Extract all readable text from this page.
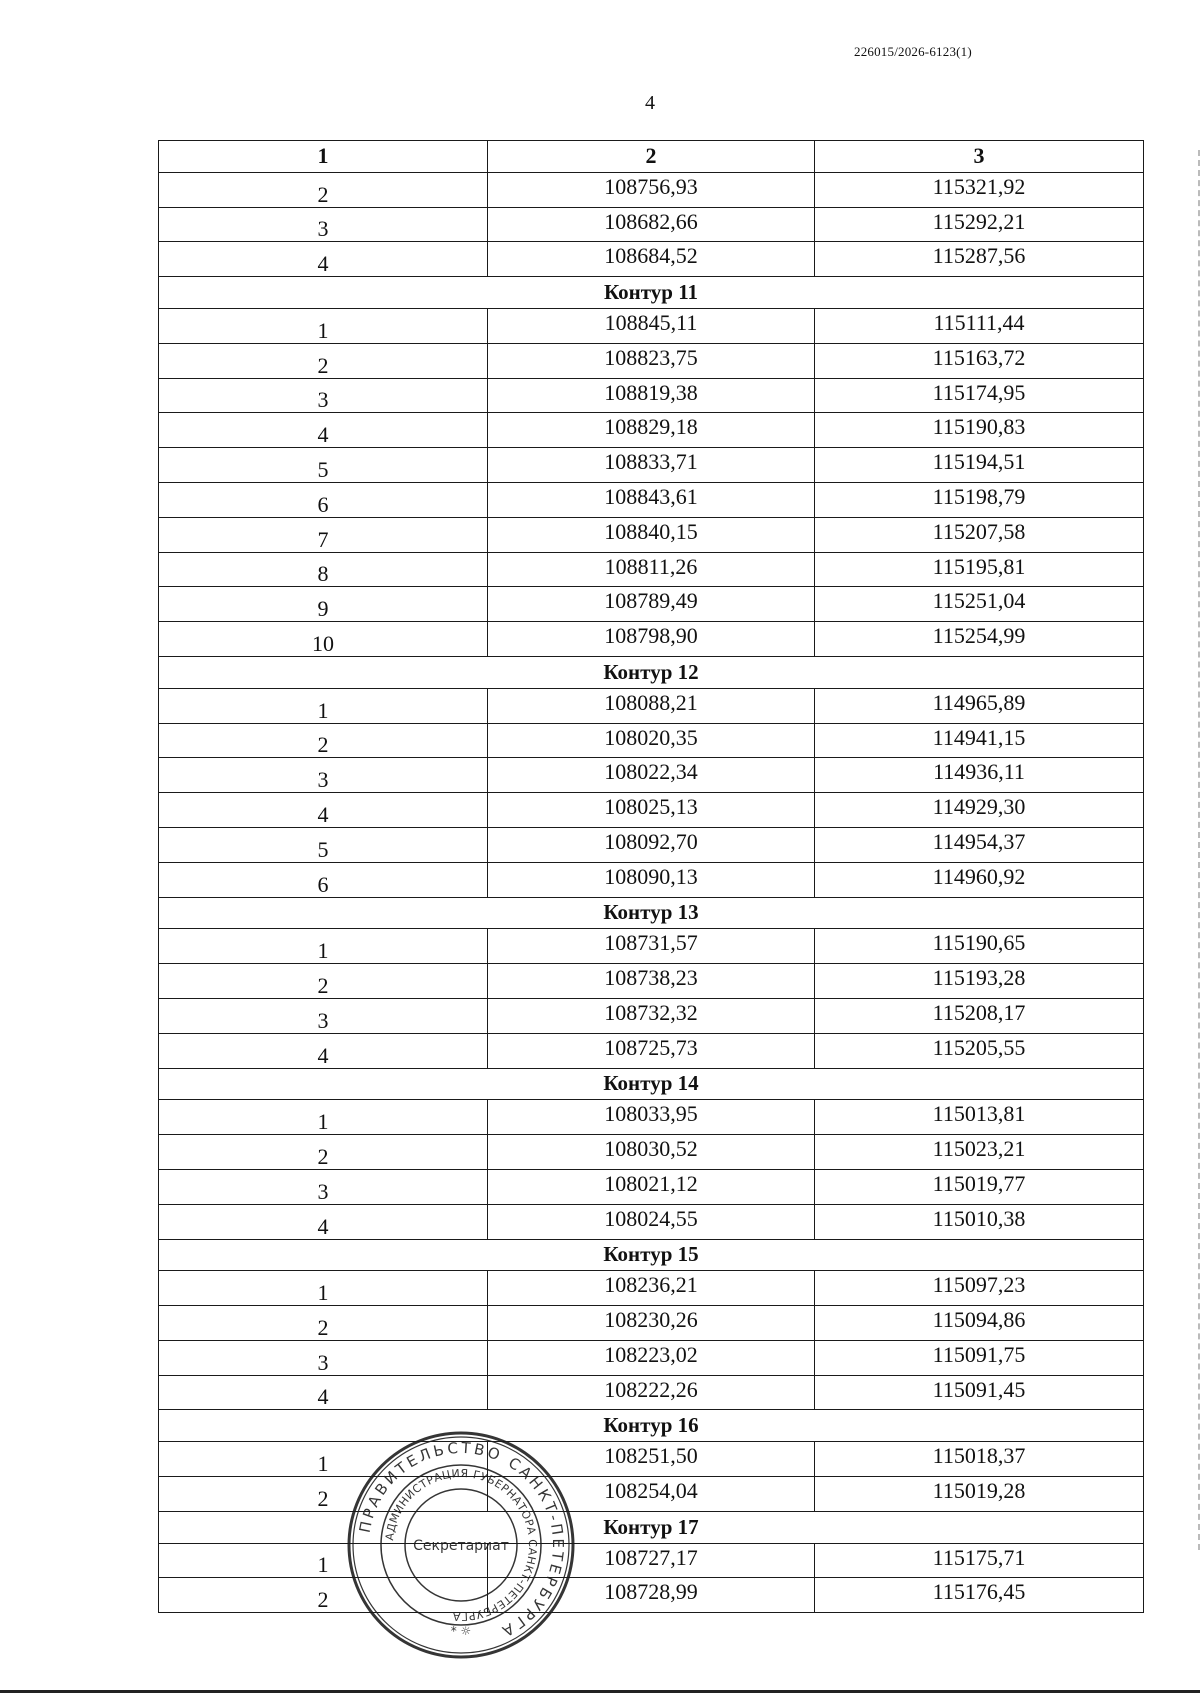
226015/2026-6123(1)
4
1	2	3
2	108756,93	115321,92
3	108682,66	115292,21
4	108684,52	115287,56
Контур 11		
1	108845,11	115111,44
2	108823,75	115163,72
3	108819,38	115174,95
4	108829,18	115190,83
5	108833,71	115194,51
6	108843,61	115198,79
7	108840,15	115207,58
8	108811,26	115195,81
9	108789,49	115251,04
10	108798,90	115254,99
Контур 12		
1	108088,21	114965,89
2	108020,35	114941,15
3	108022,34	114936,11
4	108025,13	114929,30
5	108092,70	114954,37
6	108090,13	114960,92
Контур 13		
1	108731,57	115190,65
2	108738,23	115193,28
3	108732,32	115208,17
4	108725,73	115205,55
Контур 14		
1	108033,95	115013,81
2	108030,52	115023,21
3	108021,12	115019,77
4	108024,55	115010,38
Контур 15		
1	108236,21	115097,23
2	108230,26	115094,86
3	108223,02	115091,75
4	108222,26	115091,45
Контур 16		
1	108251,50	115018,37
2	108254,04	115019,28
Контур 17		
1	108727,17	115175,71
2	108728,99	115176,45
ПРАВИТЕЛЬСТВО САНКТ-ПЕТЕРБУРГА
АДМИНИСТРАЦИЯ ГУБЕРНАТОРА САНКТ-ПЕТЕРБУРГА
Секретариат
* ☼
